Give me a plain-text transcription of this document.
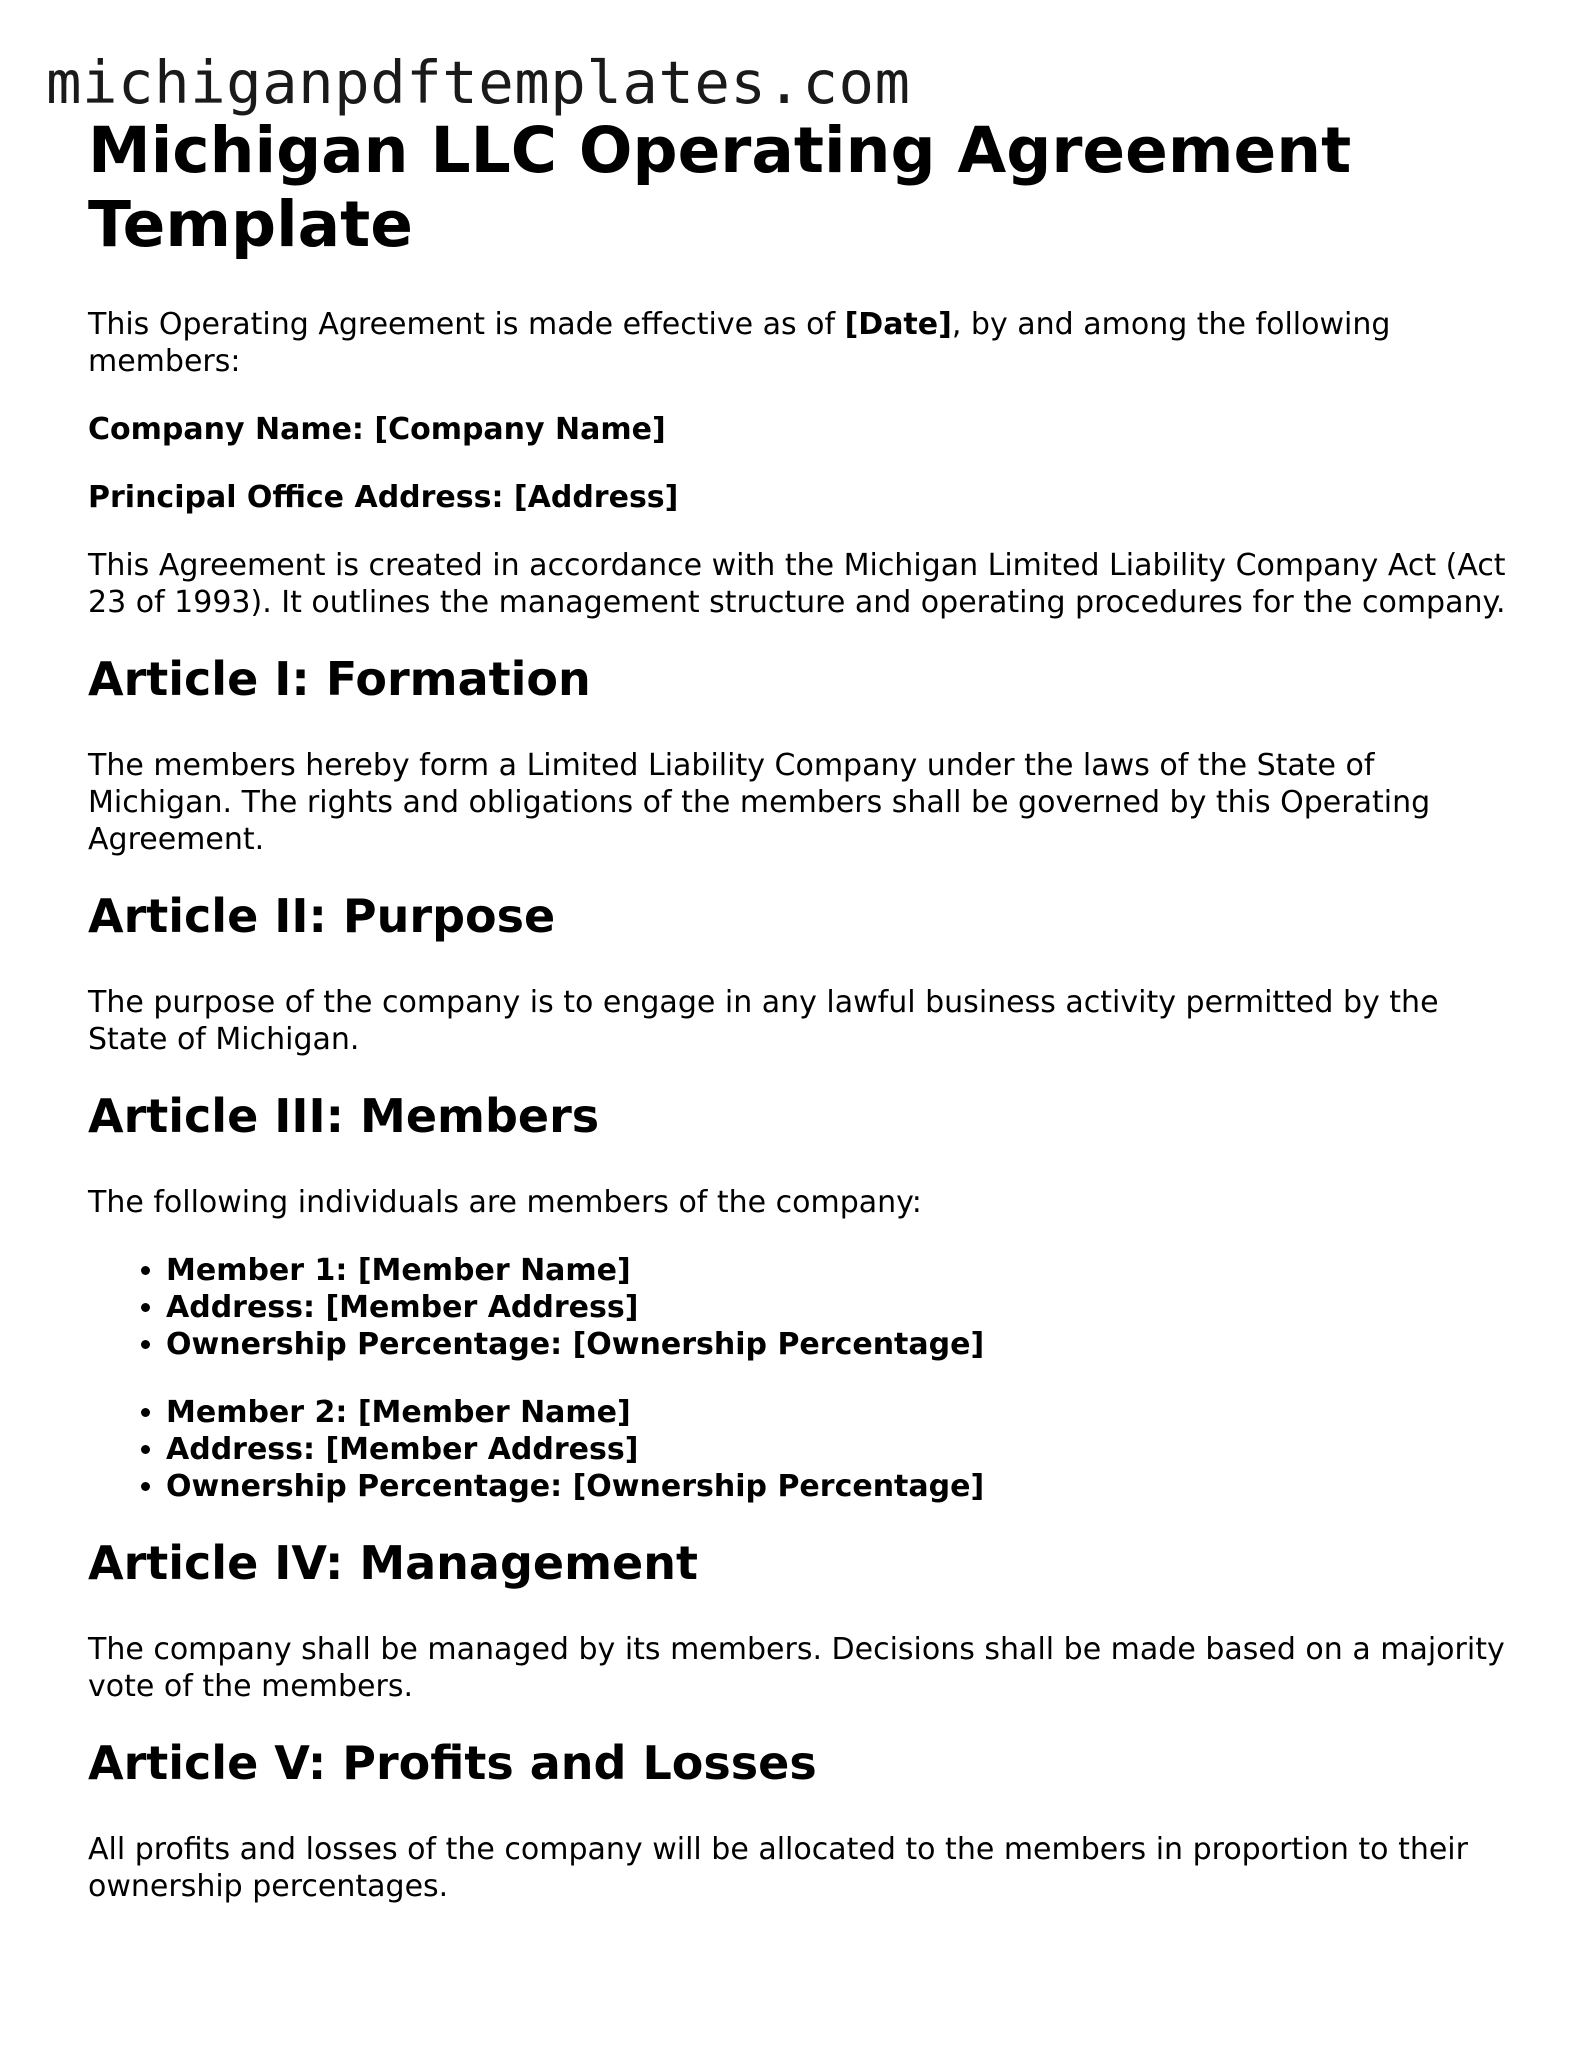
michiganpdftemplates.com
Michigan LLC Operating Agreement Template

This Operating Agreement is made effective as of [Date], by and among the following members:

Company Name: [Company Name]

Principal Office Address: [Address]

This Agreement is created in accordance with the Michigan Limited Liability Company Act (Act 23 of 1993). It outlines the management structure and operating procedures for the company.

Article I: Formation

The members hereby form a Limited Liability Company under the laws of the State of Michigan. The rights and obligations of the members shall be governed by this Operating Agreement.

Article II: Purpose

The purpose of the company is to engage in any lawful business activity permitted by the State of Michigan.

Article III: Members

The following individuals are members of the company:

• Member 1: [Member Name]
• Address: [Member Address]
• Ownership Percentage: [Ownership Percentage]
• Member 2: [Member Name]
• Address: [Member Address]
• Ownership Percentage: [Ownership Percentage]
Article IV: Management

The company shall be managed by its members. Decisions shall be made based on a majority vote of the members.

Article V: Profits and Losses

All profits and losses of the company will be allocated to the members in proportion to their ownership percentages.
